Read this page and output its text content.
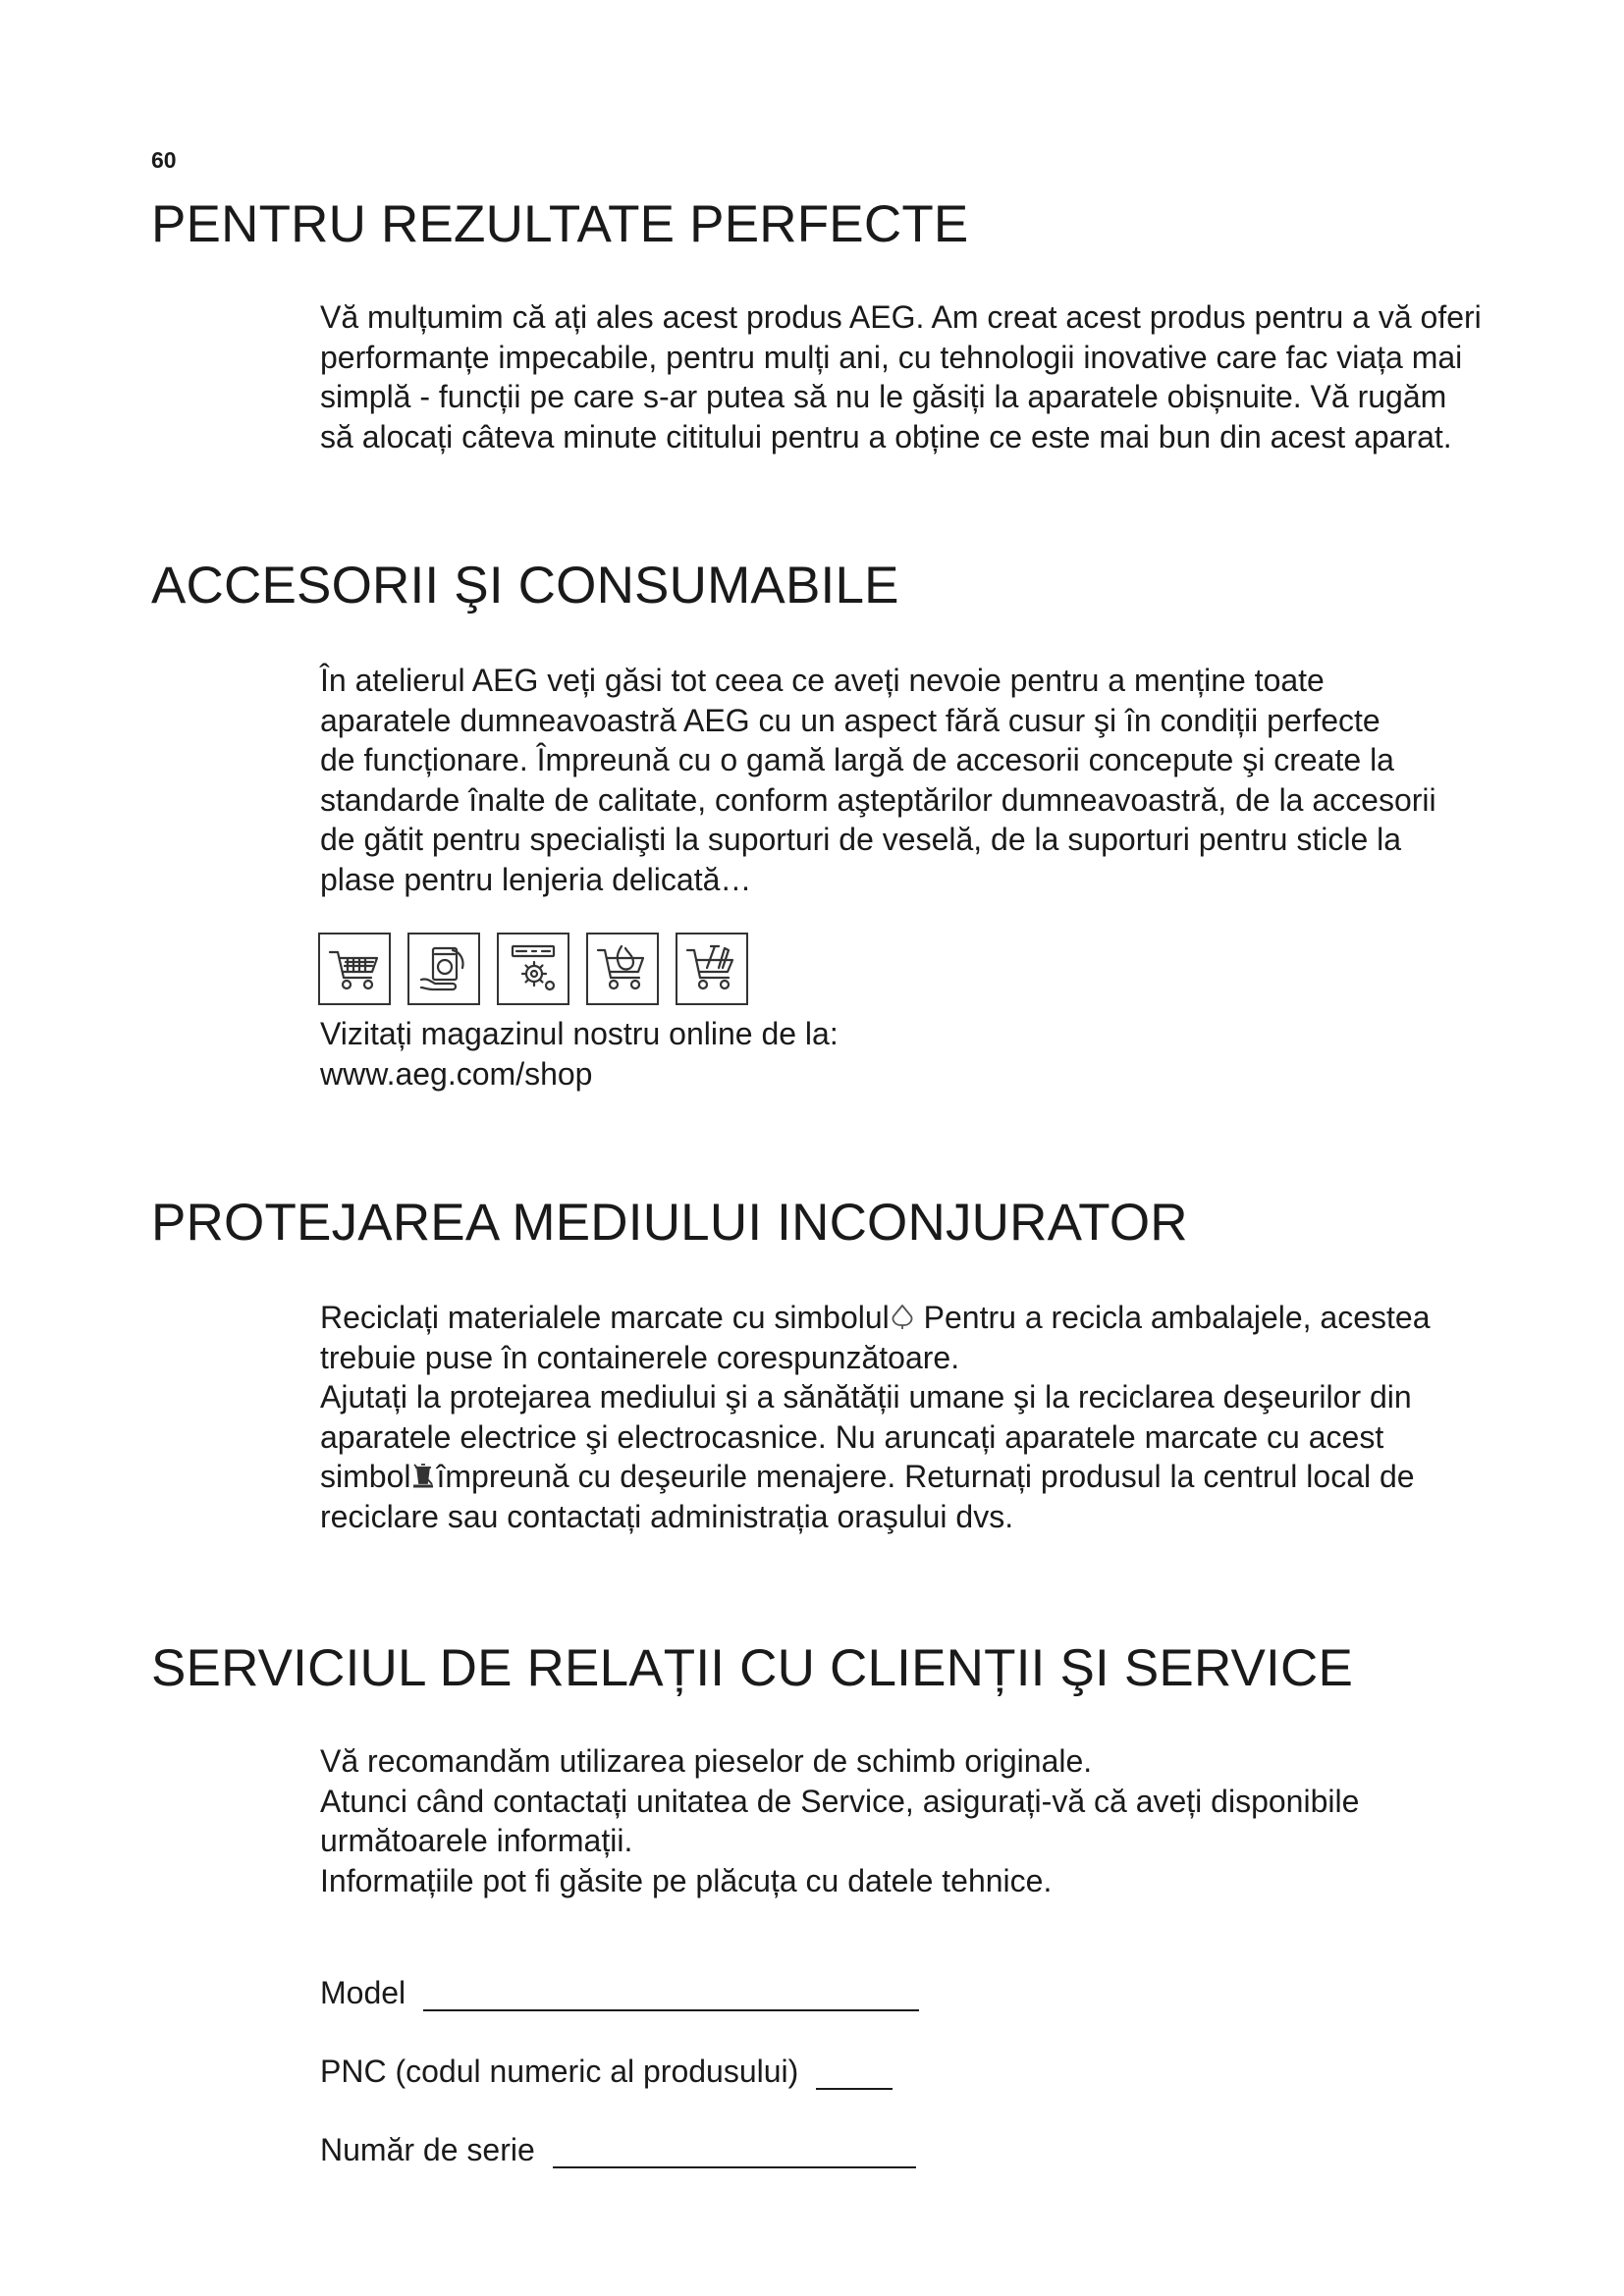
60
PENTRU REZULTATE PERFECTE
Vă mulțumim că ați ales acest produs AEG. Am creat acest produs pentru a vă oferi
performanțe impecabile, pentru mulți ani, cu tehnologii inovative care fac viața mai
simplă - funcții pe care s-ar putea să nu le găsiți la aparatele obișnuite. Vă rugăm
să alocați câteva minute cititului pentru a obține ce este mai bun din acest aparat.
ACCESORII ŞI CONSUMABILE
În atelierul AEG veți găsi tot ceea ce aveți nevoie pentru a menține toate
aparatele dumneavoastră AEG cu un aspect fără cusur şi în condiții perfecte
de funcționare. Împreună cu o gamă largă de accesorii concepute şi create la
standarde înalte de calitate, conform aşteptărilor dumneavoastră, de la accesorii
de gătit pentru specialişti la suporturi de veselă, de la suporturi pentru sticle la
plase pentru lenjeria delicată…
Vizitați magazinul nostru online de la:
www.aeg.com/shop
PROTEJAREA MEDIULUI INCONJURATOR
Reciclați materialele marcate cu simbolul Pentru a recicla ambalajele, acestea
trebuie puse în containerele corespunzătoare.
Ajutați la protejarea mediului şi a sănătății umane şi la reciclarea deşeurilor din
aparatele electrice şi electrocasnice. Nu aruncați aparatele marcate cu acest
simbol împreună cu deşeurile menajere. Returnați produsul la centrul local de
reciclare sau contactați administrația oraşului dvs.
SERVICIUL DE RELAȚII CU CLIENȚII ŞI SERVICE
Vă recomandăm utilizarea pieselor de schimb originale.
Atunci când contactați unitatea de Service, asigurați-vă că aveți disponibile
următoarele informații.
Informațiile pot fi găsite pe plăcuța cu datele tehnice.
Model
PNC (codul numeric al produsului)
Număr de serie
